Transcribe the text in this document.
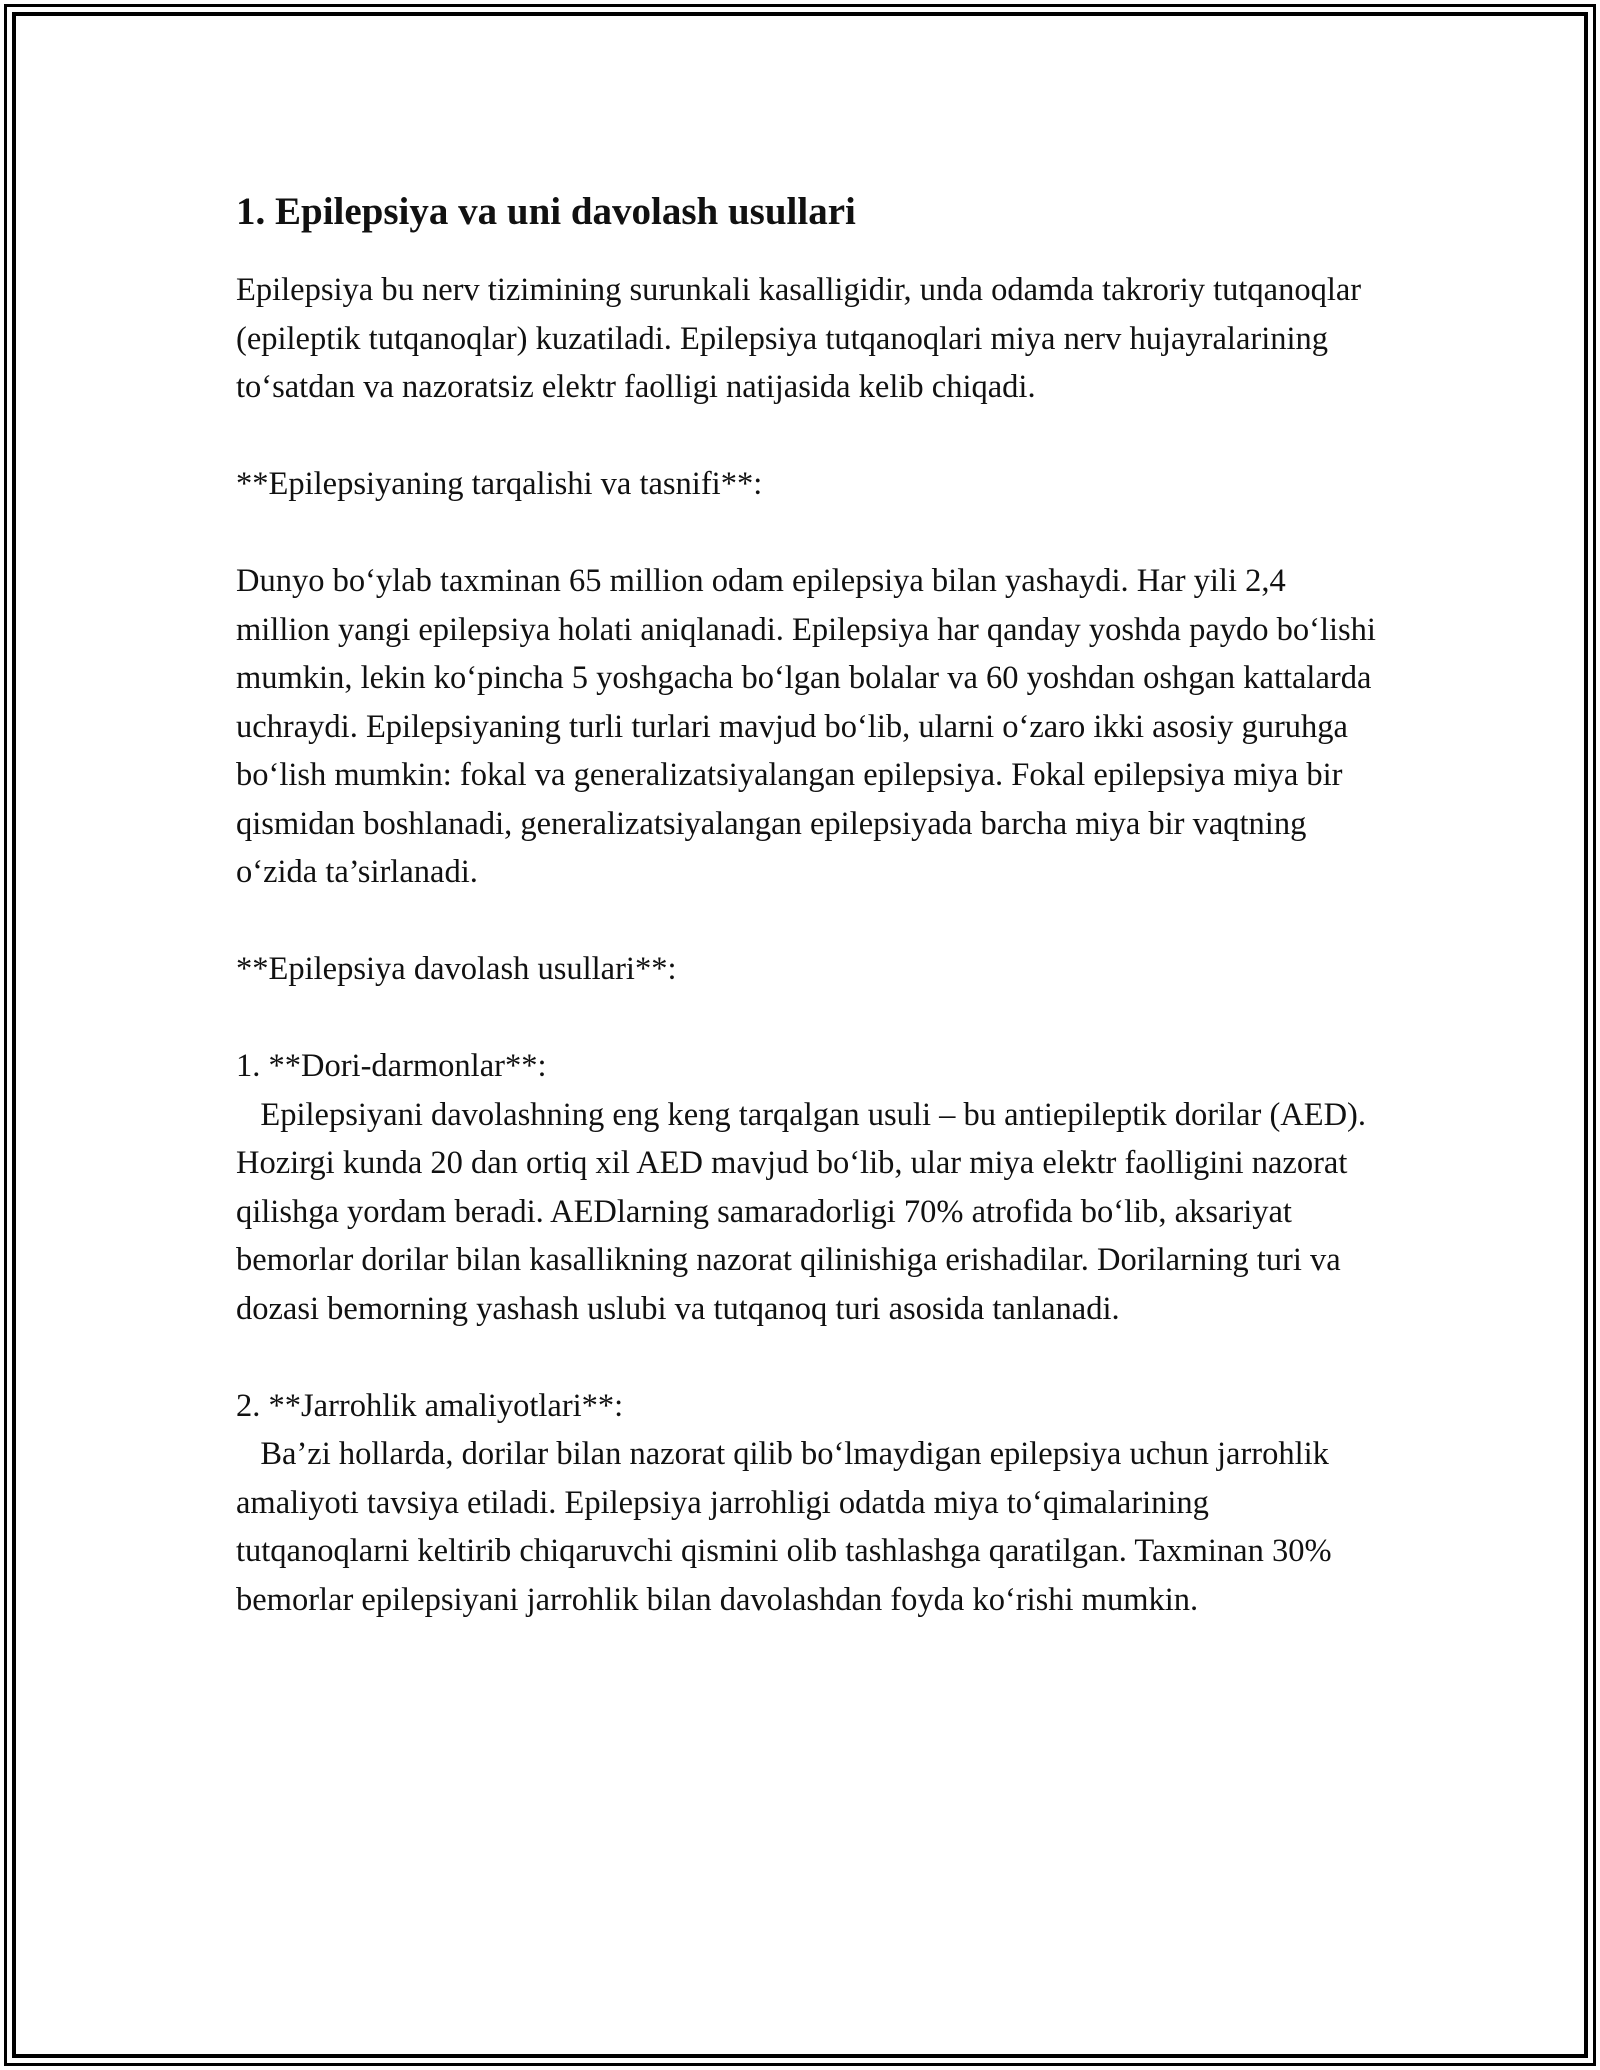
1. Epilepsiya va uni davolash usullari

Epilepsiya bu nerv tizimining surunkali kasalligidir, unda odamda takroriy tutqanoqlar (epileptik tutqanoqlar) kuzatiladi. Epilepsiya tutqanoqlari miya nerv hujayralarining to‘satdan va nazoratsiz elektr faolligi natijasida kelib chiqadi.

**Epilepsiyaning tarqalishi va tasnifi**:

Dunyo bo‘ylab taxminan 65 million odam epilepsiya bilan yashaydi. Har yili 2,4 million yangi epilepsiya holati aniqlanadi. Epilepsiya har qanday yoshda paydo bo‘lishi mumkin, lekin ko‘pincha 5 yoshgacha bo‘lgan bolalar va 60 yoshdan oshgan kattalarda uchraydi. Epilepsiyaning turli turlari mavjud bo‘lib, ularni o‘zaro ikki asosiy guruhga bo‘lish mumkin: fokal va generalizatsiyalangan epilepsiya. Fokal epilepsiya miya bir qismidan boshlanadi, generalizatsiyalangan epilepsiyada barcha miya bir vaqtning o‘zida ta’sirlanadi.

**Epilepsiya davolash usullari**:

1. **Dori-darmonlar**:
Epilepsiyani davolashning eng keng tarqalgan usuli – bu antiepileptik dorilar (AED). Hozirgi kunda 20 dan ortiq xil AED mavjud bo‘lib, ular miya elektr faolligini nazorat qilishga yordam beradi. AEDlarning samaradorligi 70% atrofida bo‘lib, aksariyat bemorlar dorilar bilan kasallikning nazorat qilinishiga erishadilar. Dorilarning turi va dozasi bemorning yashash uslubi va tutqanoq turi asosida tanlanadi.

2. **Jarrohlik amaliyotlari**:
Ba’zi hollarda, dorilar bilan nazorat qilib bo‘lmaydigan epilepsiya uchun jarrohlik amaliyoti tavsiya etiladi. Epilepsiya jarrohligi odatda miya to‘qimalarining tutqanoqlarni keltirib chiqaruvchi qismini olib tashlashga qaratilgan. Taxminan 30% bemorlar epilepsiyani jarrohlik bilan davolashdan foyda ko‘rishi mumkin.
